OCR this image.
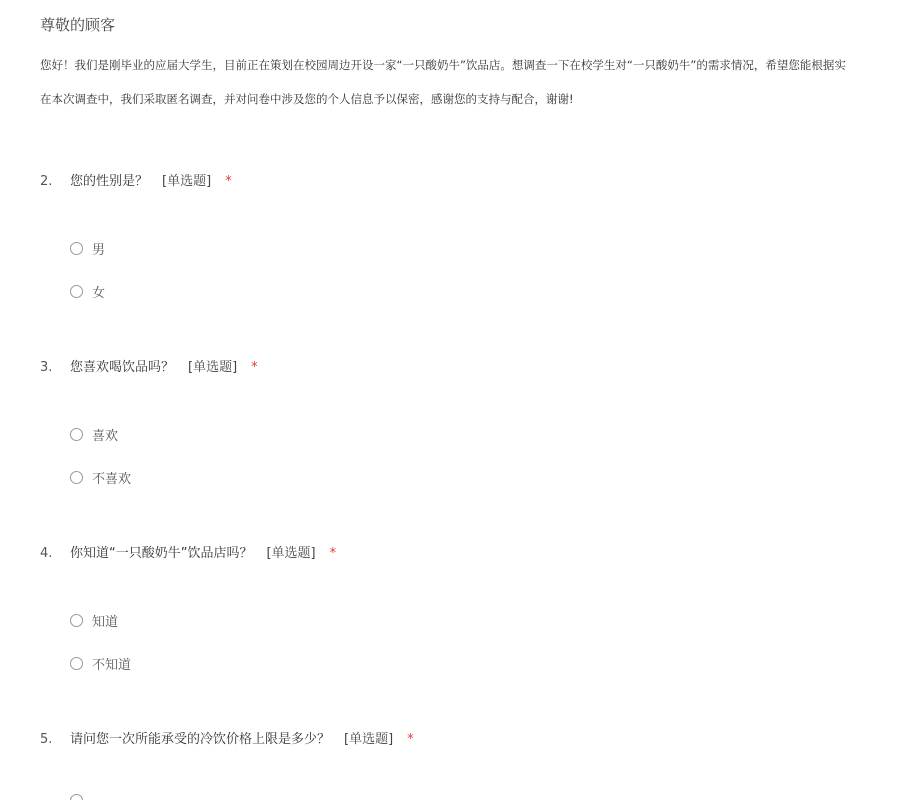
尊敬的顾客
您好！我们是刚毕业的应届大学生，目前正在策划在校园周边开设一家“一只酸奶牛”饮品店。想调查一下在校学生对“一只酸奶牛”的需求情况，希望您能根据实
在本次调查中，我们采取匿名调查，并对问卷中涉及您的个人信息予以保密，感谢您的支持与配合，谢谢!
2. 您的性别是？ [单选题] *
男
女
3. 您喜欢喝饮品吗？ [单选题] *
喜欢
不喜欢
4. 你知道“一只酸奶牛”饮品店吗？ [单选题] *
知道
不知道
5. 请问您一次所能承受的冷饮价格上限是多少？ [单选题] *
